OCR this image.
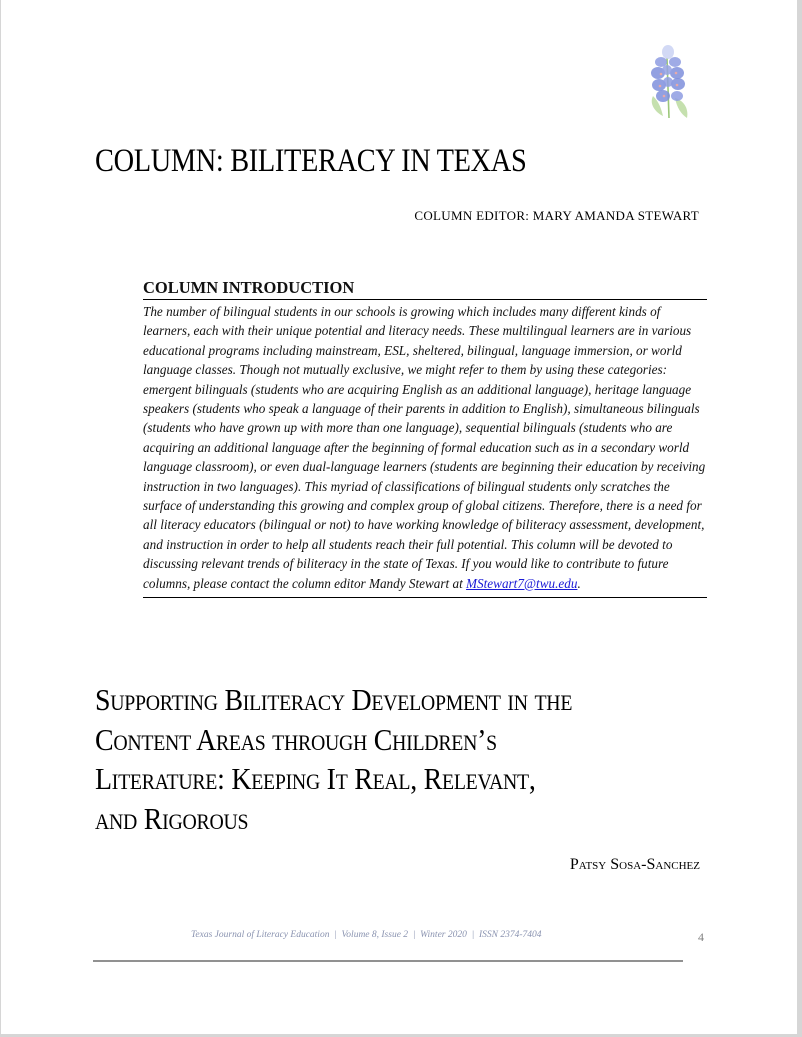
COLUMN: BILITERACY IN TEXAS
COLUMN EDITOR: MARY AMANDA STEWART
COLUMN INTRODUCTION

The number of bilingual students in our schools is growing which includes many different kinds of learners, each with their unique potential and literacy needs. These multilingual learners are in various educational programs including mainstream, ESL, sheltered, bilingual, language immersion, or world language classes. Though not mutually exclusive, we might refer to them by using these categories: emergent bilinguals (students who are acquiring English as an additional language), heritage language speakers (students who speak a language of their parents in addition to English), simultaneous bilinguals (students who have grown up with more than one language), sequential bilinguals (students who are acquiring an additional language after the beginning of formal education such as in a secondary world language classroom), or even dual-language learners (students are beginning their education by receiving instruction in two languages). This myriad of classifications of bilingual students only scratches the surface of understanding this growing and complex group of global citizens. Therefore, there is a need for all literacy educators (bilingual or not) to have working knowledge of biliteracy assessment, development, and instruction in order to help all students reach their full potential. This column will be devoted to discussing relevant trends of biliteracy in the state of Texas. If you would like to contribute to future columns, please contact the column editor Mandy Stewart at MStewart7@twu.edu.

Supporting Biliteracy Development in the
Content Areas through Children’s
Literature: Keeping It Real, Relevant,
and Rigorous
Patsy Sosa-Sanchez
Texas Journal of Literacy Education  |  Volume 8, Issue 2  |  Winter 2020  |  ISSN 2374-7404	4
